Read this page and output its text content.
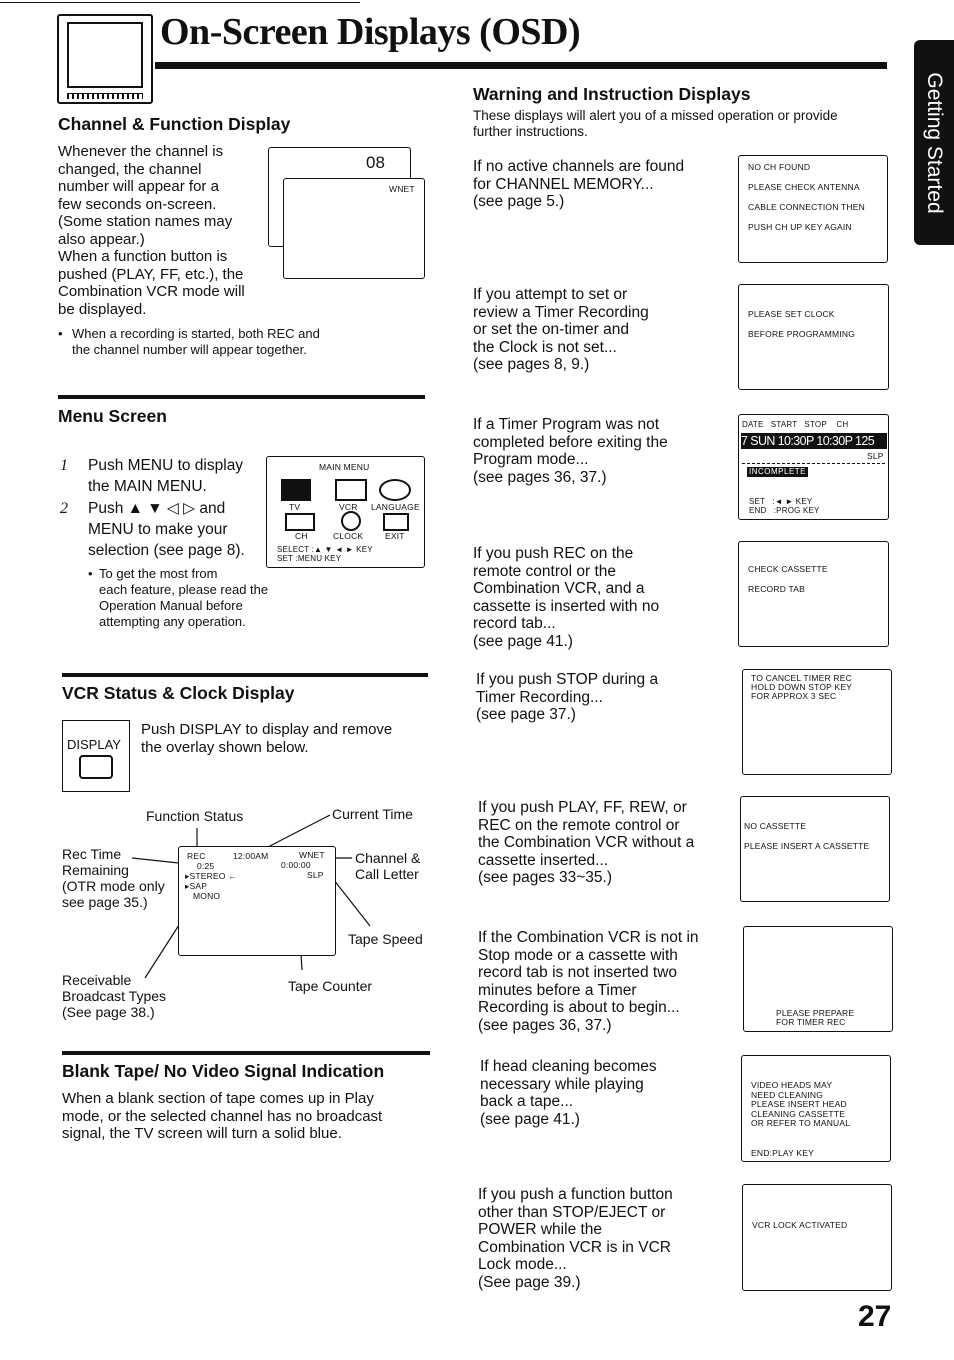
On-Screen Displays (OSD)
Getting Started
Channel & Function Display
Whenever the channel is
changed, the channel
number will appear for a
few seconds on-screen.
(Some station names may
also appear.)
When a function button is
pushed (PLAY, FF, etc.), the
Combination VCR mode will
be displayed.
08
WNET
When a recording is started, both REC and
the channel number will appear together.
•
Menu Screen
1 Push MENU to display
the MAIN MENU.
2 Push ▲ ▼ ◁ ▷ and
MENU to make your
selection (see page 8).
To get the most from
each feature, please read the
Operation Manual before
attempting any operation.
•
MAIN MENU
TV	VCR LANGUAGE
CH	CLOCK	EXIT
SELECT :▲ ▼ ◄ ► KEY
SET :MENU KEY
VCR Status & Clock Display
DISPLAY
Push DISPLAY to display and remove
the overlay shown below.
Function Status	Current Time
REC	12:00AM	WNET
0:25	0:00:00
▸STEREO ←	SLP
▸SAP
MONO
Rec Time
Remaining
(OTR mode only
see page 35.)
Channel &
Call Letter
Tape Speed
Receivable
Broadcast Types
(See page 38.)
Tape Counter
Blank Tape/ No Video Signal Indication
When a blank section of tape comes up in Play
mode, or the selected channel has no broadcast
signal, the TV screen will turn a solid blue.
Warning and Instruction Displays
These displays will alert you of a missed operation or provide
further instructions.
If no active channels are found
for CHANNEL MEMORY...
(see page 5.)
NO CH FOUND

PLEASE CHECK ANTENNA

CABLE CONNECTION THEN

PUSH CH UP KEY AGAIN
If you attempt to set or
review a Timer Recording
or set the on-timer and
the Clock is not set...
(see pages 8, 9.)
PLEASE SET CLOCK

BEFORE PROGRAMMING
If a Timer Program was not
completed before exiting the
Program mode...
(see pages 36, 37.)
DATE   START   STOP    CH
7 SUN 10:30P 10:30P 125
SLP
INCOMPLETE
SET   :◄ ► KEY
END   :PROG KEY
If you push REC on the
remote control or the
Combination VCR, and a
cassette is inserted with no
record tab...
(see page 41.)
CHECK CASSETTE

RECORD TAB
If you push STOP during a
Timer Recording...
(see page 37.)
TO CANCEL TIMER REC
HOLD DOWN STOP KEY
FOR APPROX 3 SEC
If you push PLAY, FF, REW, or
REC on the remote control or
the Combination VCR without a
cassette inserted...
(see pages 33~35.)
NO CASSETTE

PLEASE INSERT A CASSETTE
If the Combination VCR is not in
Stop mode or a cassette with
record tab is not inserted two
minutes before a Timer
Recording is about to begin...
(see pages 36, 37.)
PLEASE PREPARE
FOR TIMER REC
If head cleaning becomes
necessary while playing
back a tape...
(see page 41.)
VIDEO HEADS MAY
NEED CLEANING
PLEASE INSERT HEAD
CLEANING CASSETTE
OR REFER TO MANUAL
END:PLAY KEY
If you push a function button
other than STOP/EJECT or
POWER while the
Combination VCR is in VCR
Lock mode...
(See page 39.)
VCR LOCK ACTIVATED
27
